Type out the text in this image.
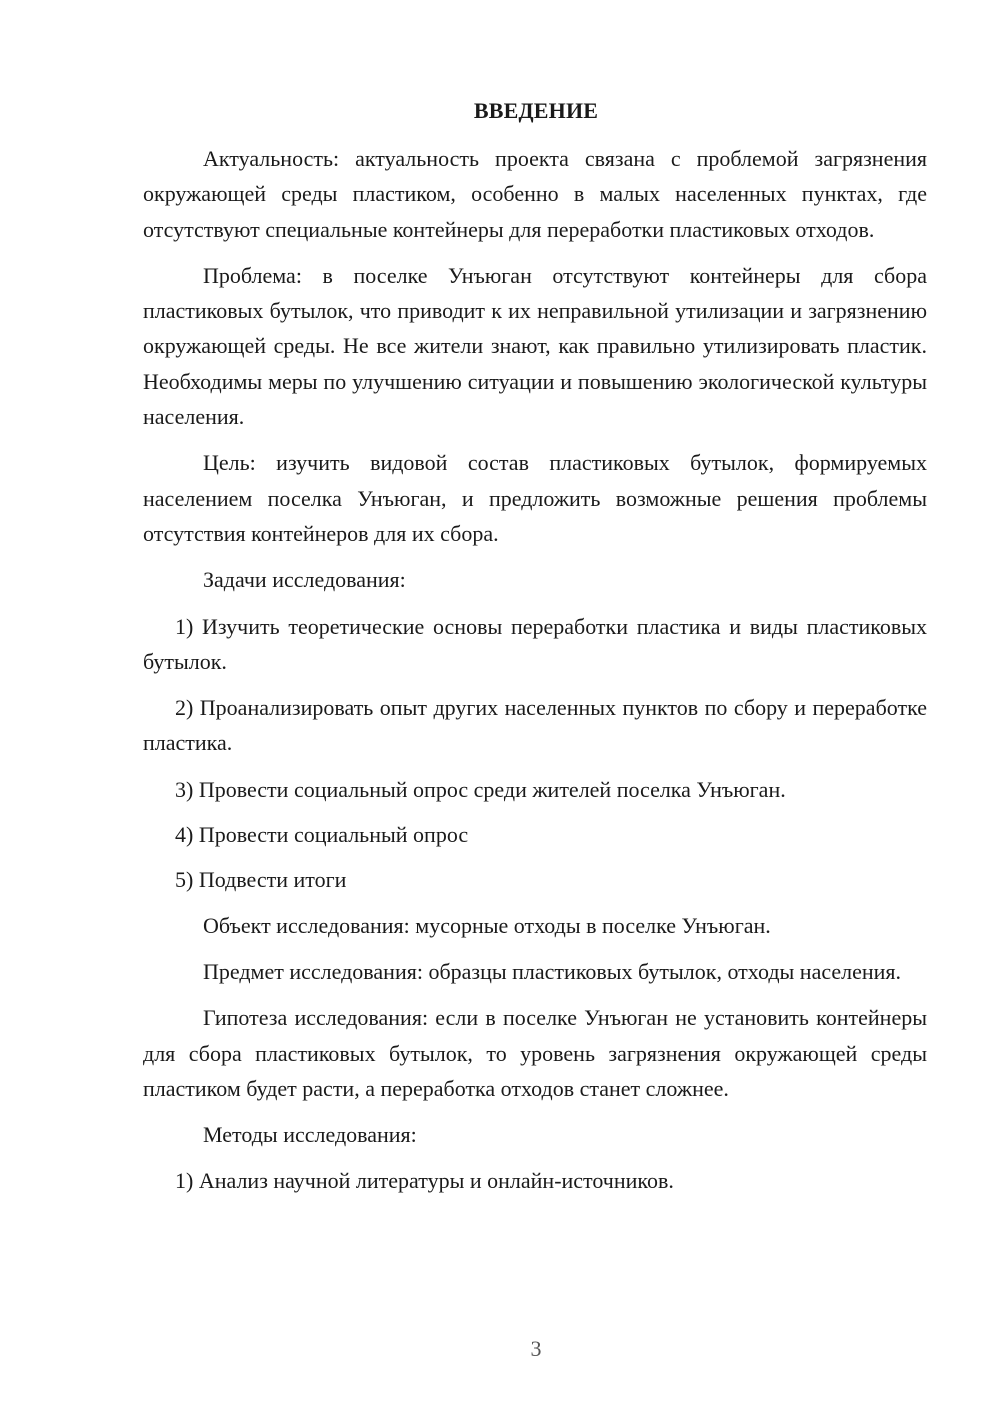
ВВЕДЕНИЕ

Актуальность: актуальность проекта связана с проблемой загрязнения окружающей среды пластиком, особенно в малых населенных пунктах, где отсутствуют специальные контейнеры для переработки пластиковых отходов.

Проблема: в поселке Унъюган отсутствуют контейнеры для сбора пластиковых бутылок, что приводит к их неправильной утилизации и загрязнению окружающей среды. Не все жители знают, как правильно утилизировать пластик. Необходимы меры по улучшению ситуации и повышению экологической культуры населения.

Цель: изучить видовой состав пластиковых бутылок, формируемых населением поселка Унъюган, и предложить возможные решения проблемы отсутствия контейнеров для их сбора.

Задачи исследования:

1) Изучить теоретические основы переработки пластика и виды пластиковых бутылок.

2) Проанализировать опыт других населенных пунктов по сбору и переработке пластика.

3) Провести социальный опрос среди жителей поселка Унъюган.

4) Провести социальный опрос

5) Подвести итоги

Объект исследования: мусорные отходы в поселке Унъюган.

Предмет исследования: образцы пластиковых бутылок, отходы населения.

Гипотеза исследования: если в поселке Унъюган не установить контейнеры для сбора пластиковых бутылок, то уровень загрязнения окружающей среды пластиком будет расти, а переработка отходов станет сложнее.

Методы исследования:

1) Анализ научной литературы и онлайн-источников.

3
